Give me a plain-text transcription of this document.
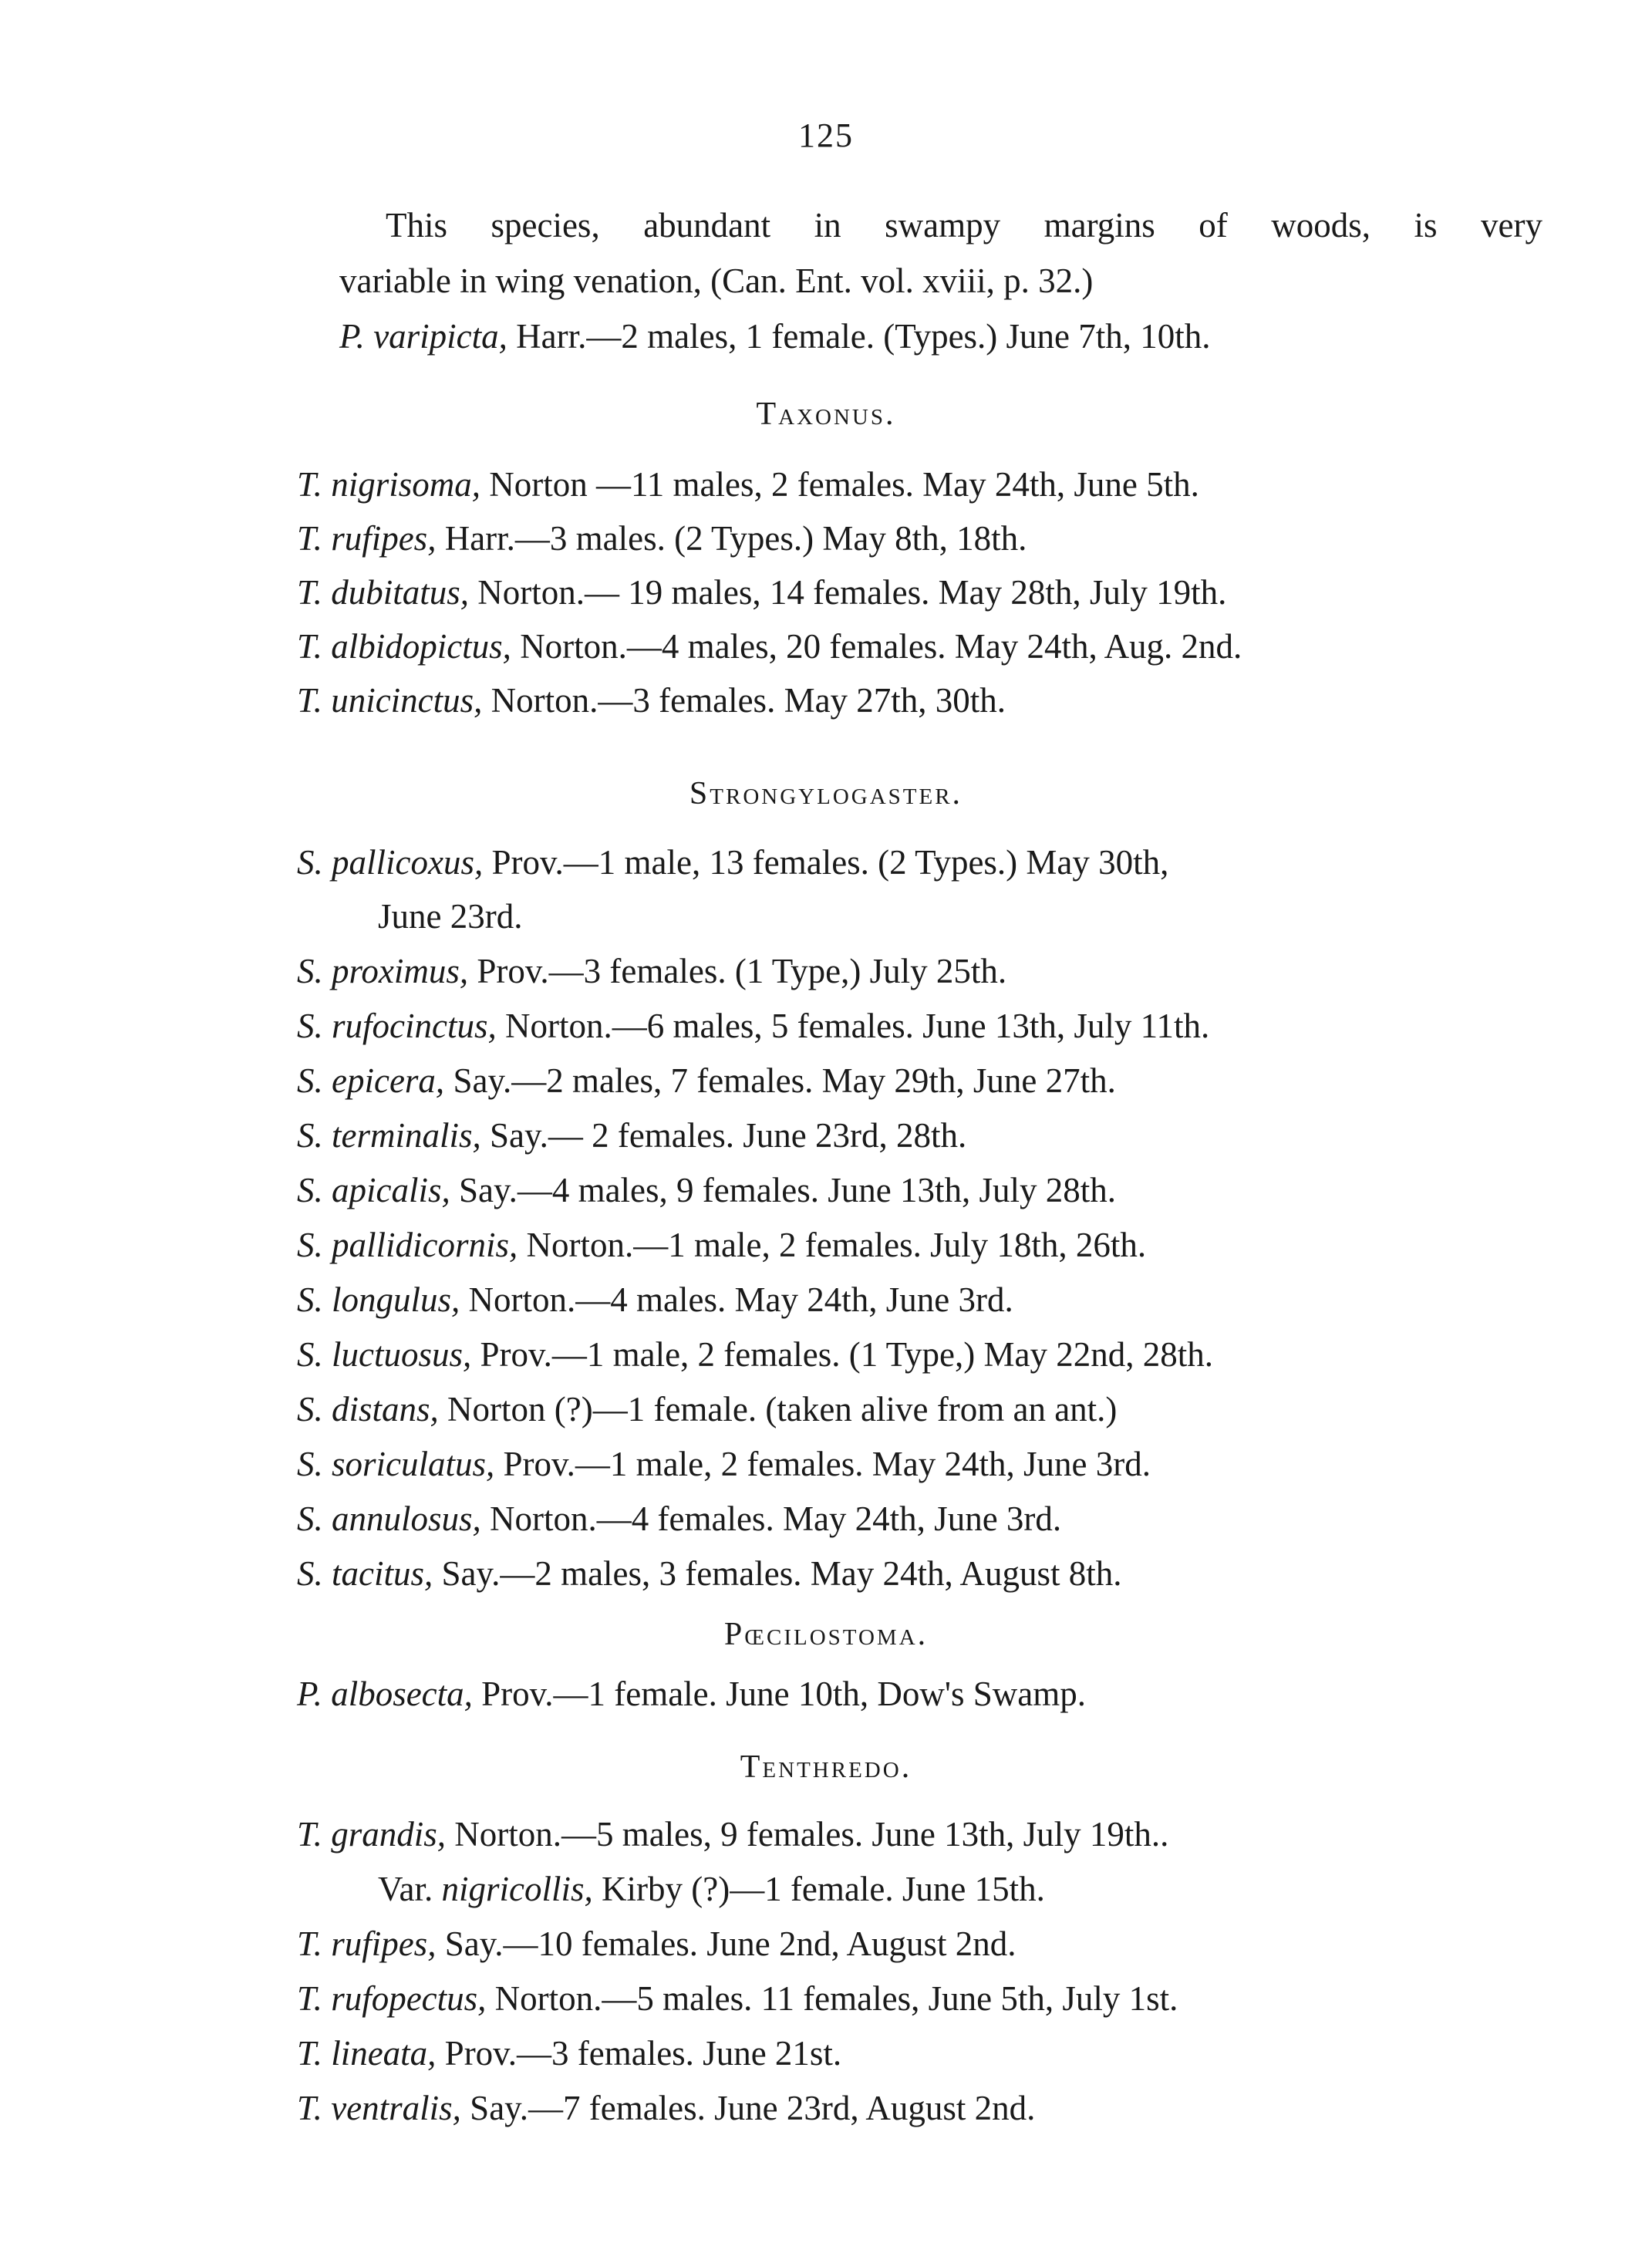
125
This species, abundant in swampy margins of woods, is very
variable in wing venation, (Can. Ent. vol. xviii, p. 32.)
P. varipicta, Harr.—2 males, 1 female. (Types.) June 7th, 10th.
Taxonus.
T. nigrisoma, Norton —11 males, 2 females. May 24th, June 5th.
T. rufipes, Harr.—3 males. (2 Types.) May 8th, 18th.
T. dubitatus, Norton.— 19 males, 14 females. May 28th, July 19th.
T. albidopictus, Norton.—4 males, 20 females. May 24th, Aug. 2nd.
T. unicinctus, Norton.—3 females. May 27th, 30th.
Strongylogaster.
S. pallicoxus, Prov.—1 male, 13 females. (2 Types.) May 30th,
June 23rd.
S. proximus, Prov.—3 females. (1 Type,) July 25th.
S. rufocinctus, Norton.—6 males, 5 females. June 13th, July 11th.
S. epicera, Say.—2 males, 7 females. May 29th, June 27th.
S. terminalis, Say.— 2 females. June 23rd, 28th.
S. apicalis, Say.—4 males, 9 females. June 13th, July 28th.
S. pallidicornis, Norton.—1 male, 2 females. July 18th, 26th.
S. longulus, Norton.—4 males. May 24th, June 3rd.
S. luctuosus, Prov.—1 male, 2 females. (1 Type,) May 22nd, 28th.
S. distans, Norton (?)—1 female. (taken alive from an ant.)
S. soriculatus, Prov.—1 male, 2 females. May 24th, June 3rd.
S. annulosus, Norton.—4 females. May 24th, June 3rd.
S. tacitus, Say.—2 males, 3 females. May 24th, August 8th.
Pœcilostoma.
P. albosecta, Prov.—1 female. June 10th, Dow's Swamp.
Tenthredo.
T. grandis, Norton.—5 males, 9 females. June 13th, July 19th..
Var. nigricollis, Kirby (?)—1 female. June 15th.
T. rufipes, Say.—10 females. June 2nd, August 2nd.
T. rufopectus, Norton.—5 males. 11 females, June 5th, July 1st.
T. lineata, Prov.—3 females. June 21st.
T. ventralis, Say.—7 females. June 23rd, August 2nd.
